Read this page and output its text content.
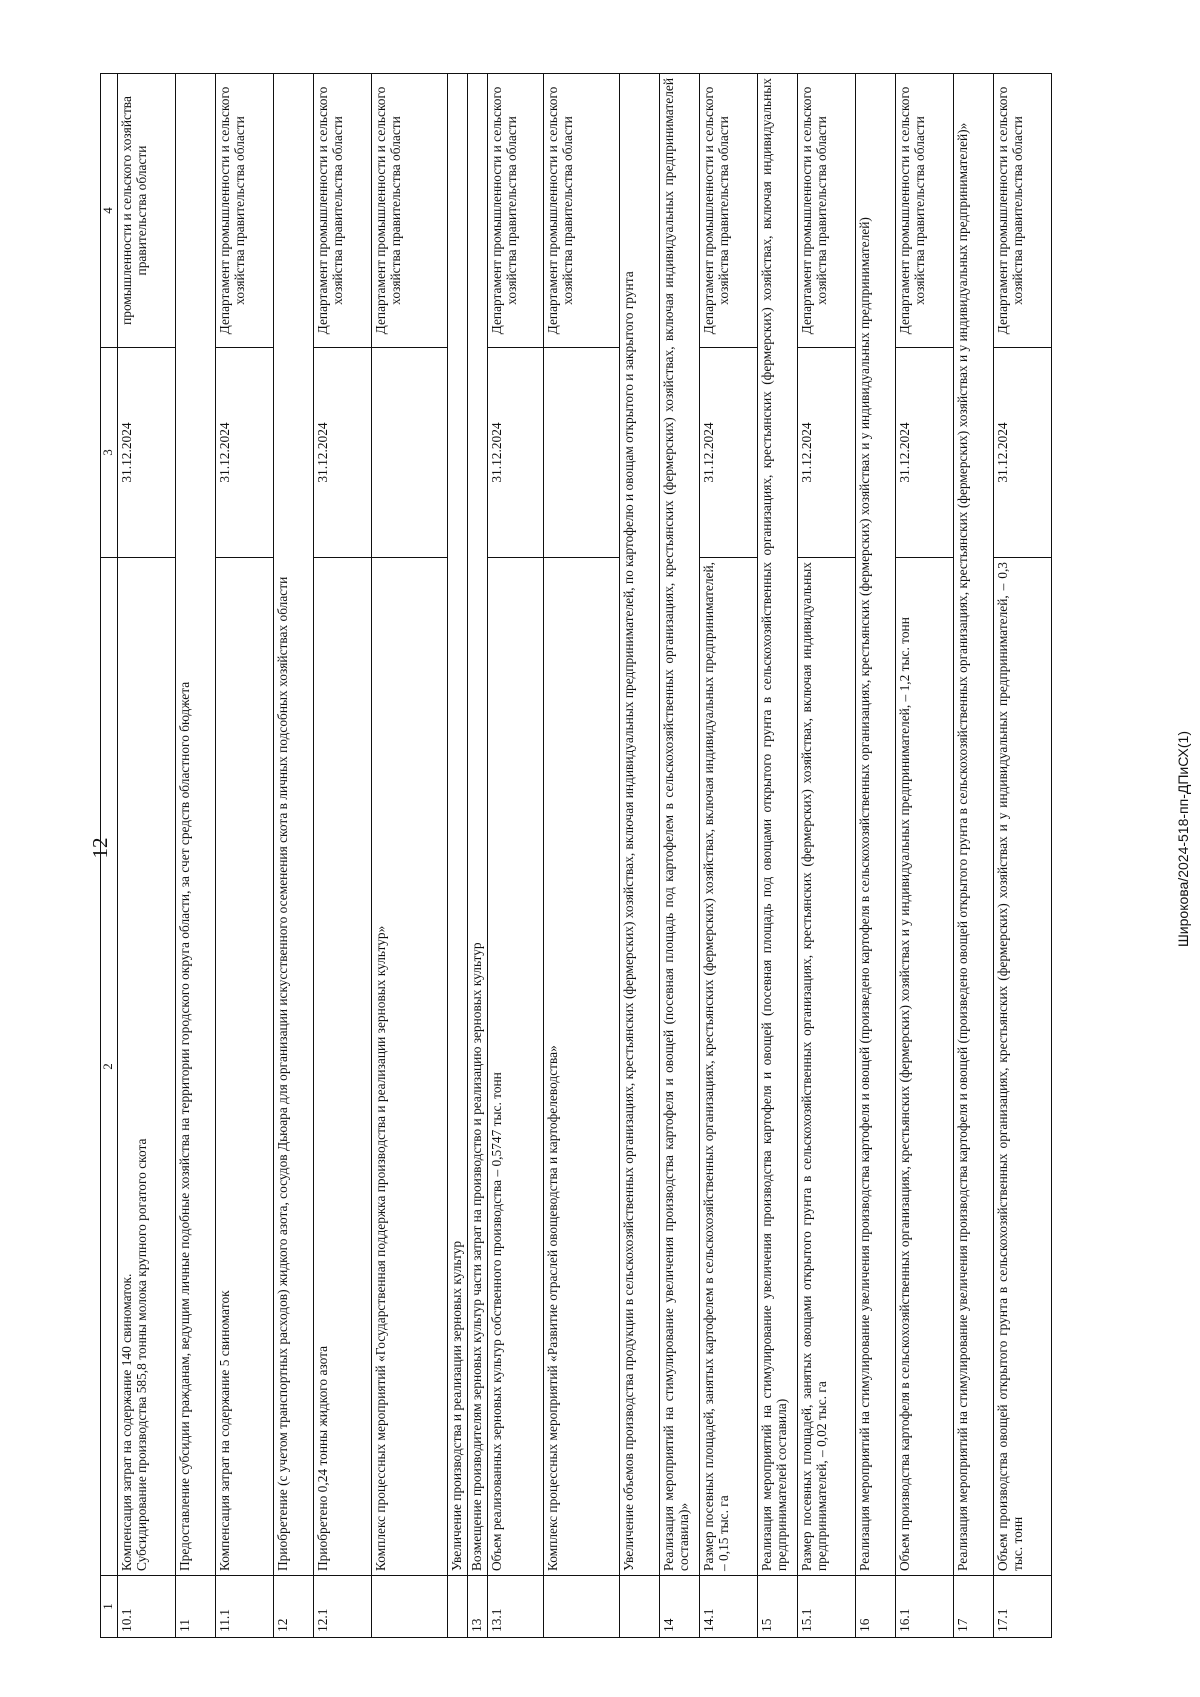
12	Широкова/2024-518-пп-ДПиСХ(1)
1	2	3	4
10.1	Компенсация затрат на содержание 140 свиноматок. Субсидирование производства 585,8 тонны молока крупного рогатого скота	31.12.2024	промышленности и сельского хозяйства правительства области
11	Предоставление субсидии гражданам, ведущим личные подобные хозяйства на территории городского округа области, за счет средств областного бюджета		
11.1	Компенсация затрат на содержание 5 свиноматок	31.12.2024	Департамент промышленности и сельского хозяйства правительства области
12	Приобретение (с учетом транспортных расходов) жидкого азота, сосудов Дьюара для организации искусственного осеменения скота в личных подсобных хозяйствах области		
12.1	Приобретено 0,24 тонны жидкого азота	31.12.2024	Департамент промышленности и сельского хозяйства правительства области
	Комплекс процессных мероприятий «Государственная поддержка производства и реализации зерновых культур»		Департамент промышленности и сельского хозяйства правительства области
	Увеличение производства и реализации зерновых культур		
13	Возмещение производителям зерновых культур части затрат на производство и реализацию зерновых культур		
13.1	Объем реализованных зерновых культур собственного производства – 0,5747 тыс. тонн	31.12.2024	Департамент промышленности и сельского хозяйства правительства области
	Комплекс процессных мероприятий «Развитие отраслей овощеводства и картофелеводства»		Департамент промышленности и сельского хозяйства правительства области
	Увеличение объемов производства продукции в сельскохозяйственных организациях, крестьянских (фермерских) хозяйствах, включая индивидуальных предпринимателей, по картофелю и овощам открытого и закрытого грунта		
14	Реализация мероприятий на стимулирование увеличения производства картофеля и овощей (посевная площадь под картофелем в сельскохозяйственных организациях, крестьянских (фермерских) хозяйствах, включая индивидуальных предпринимателей составила)»		
14.1	Размер посевных площадей, занятых картофелем в сельскохозяйственных организациях, крестьянских (фермерских) хозяйствах, включая индивидуальных предпринимателей, – 0,15 тыс. га	31.12.2024	Департамент промышленности и сельского хозяйства правительства области
15	Реализация мероприятий на стимулирование увеличения производства картофеля и овощей (посевная площадь под овощами открытого грунта в сельскохозяйственных организациях, крестьянских (фермерских) хозяйствах, включая индивидуальных предпринимателей составила)		
15.1	Размер посевных площадей, занятых овощами открытого грунта в сельскохозяйственных организациях, крестьянских (фермерских) хозяйствах, включая индивидуальных предпринимателей, – 0,02 тыс. га	31.12.2024	Департамент промышленности и сельского хозяйства правительства области
16	Реализация мероприятий на стимулирование увеличения производства картофеля и овощей (произведено картофеля в сельскохозяйственных организациях, крестьянских (фермерских) хозяйствах и у индивидуальных предпринимателей)		
16.1	Объем производства картофеля в сельскохозяйственных организациях, крестьянских (фермерских) хозяйствах и у индивидуальных предпринимателей, – 1,2 тыс. тонн	31.12.2024	Департамент промышленности и сельского хозяйства правительства области
17	Реализация мероприятий на стимулирование увеличения производства картофеля и овощей (произведено овощей открытого грунта в сельскохозяйственных организациях, крестьянских (фермерских) хозяйствах и у индивидуальных предпринимателей)»		
17.1	Объем производства овощей открытого грунта в сельскохозяйственных организациях, крестьянских (фермерских) хозяйствах и у индивидуальных предпринимателей, – 0,3 тыс. тонн	31.12.2024	Департамент промышленности и сельского хозяйства правительства области
